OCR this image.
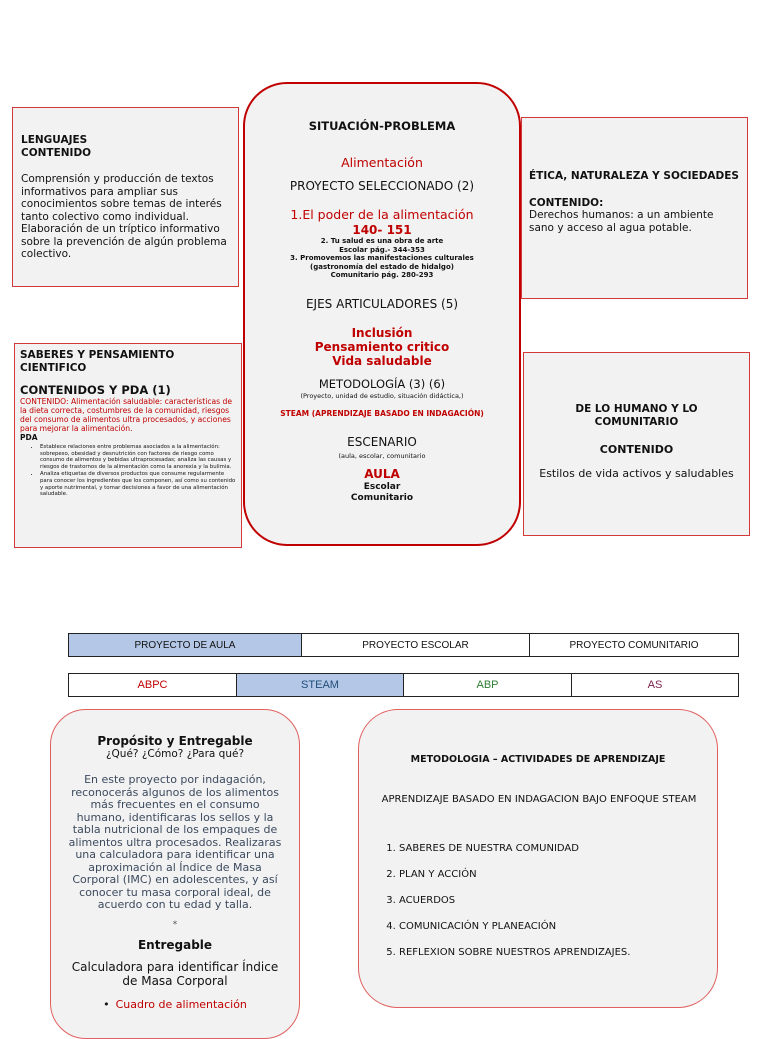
LENGUAJES
CONTENIDO
Comprensión y producción de textos informativos para ampliar sus conocimientos sobre temas de interés tanto colectivo como individual. Elaboración de un tríptico informativo sobre la prevención de algún problema colectivo.
SABERES Y PENSAMIENTO CIENTIFICO
CONTENIDOS Y PDA (1)
CONTENIDO: Alimentación saludable: características de la dieta correcta, costumbres de la comunidad, riesgos del consumo de alimentos ultra procesados, y acciones para mejorar la alimentación.
PDA
• Establece relaciones entre problemas asociados a la alimentación: sobrepeso, obesidad y desnutrición con factores de riesgo como consumo de alimentos y bebidas ultraprocesadas; analiza las causas y riesgos de trastornos de la alimentación como la anorexia y la bulimia.
• Analiza etiquetas de diversos productos que consume regularmente para conocer los ingredientes que los componen, así como su contenido y aporte nutrimental, y tomar decisiones a favor de una alimentación saludable.
SITUACIÓN-PROBLEMA
Alimentación
PROYECTO SELECCIONADO (2)
1.El poder de la alimentación
140- 151
2. Tu salud es una obra de arte
Escolar pág.- 344-353
3. Promovemos las manifestaciones culturales
(gastronomía del estado de hidalgo)
Comunitario pág. 280-293
EJES ARTICULADORES (5)
Inclusión
Pensamiento critico
Vida saludable
METODOLOGÍA (3) (6)
(Proyecto, unidad de estudio, situación didáctica,)
STEAM (APRENDIZAJE BASADO EN INDAGACIÓN)
ESCENARIO
(aula, escolar, comunitario
AULA
Escolar
Comunitario
ÉTICA, NATURALEZA Y SOCIEDADES
CONTENIDO:
Derechos humanos: a un ambiente sano y acceso al agua potable.
DE LO HUMANO Y LO COMUNITARIO
CONTENIDO
Estilos de vida activos y saludables
PROYECTO DE AULA	PROYECTO ESCOLAR	PROYECTO COMUNITARIO
ABPC	STEAM	ABP	AS
Propósito y Entregable
¿Qué? ¿Cómo? ¿Para qué?
En este proyecto por indagación, reconocerás algunos de los alimentos más frecuentes en el consumo humano, identificaras los sellos y la tabla nutricional de los empaques de alimentos ultra procesados. Realizaras una calculadora para identificar una aproximación al Índice de Masa Corporal (IMC) en adolescentes, y así conocer tu masa corporal ideal, de acuerdo con tu edad y talla.
*
Entregable
Calculadora para identificar Índice de Masa Corporal
• Cuadro de alimentación
METODOLOGIA – ACTIVIDADES DE APRENDIZAJE
APRENDIZAJE BASADO EN INDAGACION BAJO ENFOQUE STEAM
1. SABERES DE NUESTRA COMUNIDAD
2. PLAN Y ACCIÓN
3. ACUERDOS
4. COMUNICACIÓN Y PLANEACIÓN
5. REFLEXION SOBRE NUESTROS APRENDIZAJES.
